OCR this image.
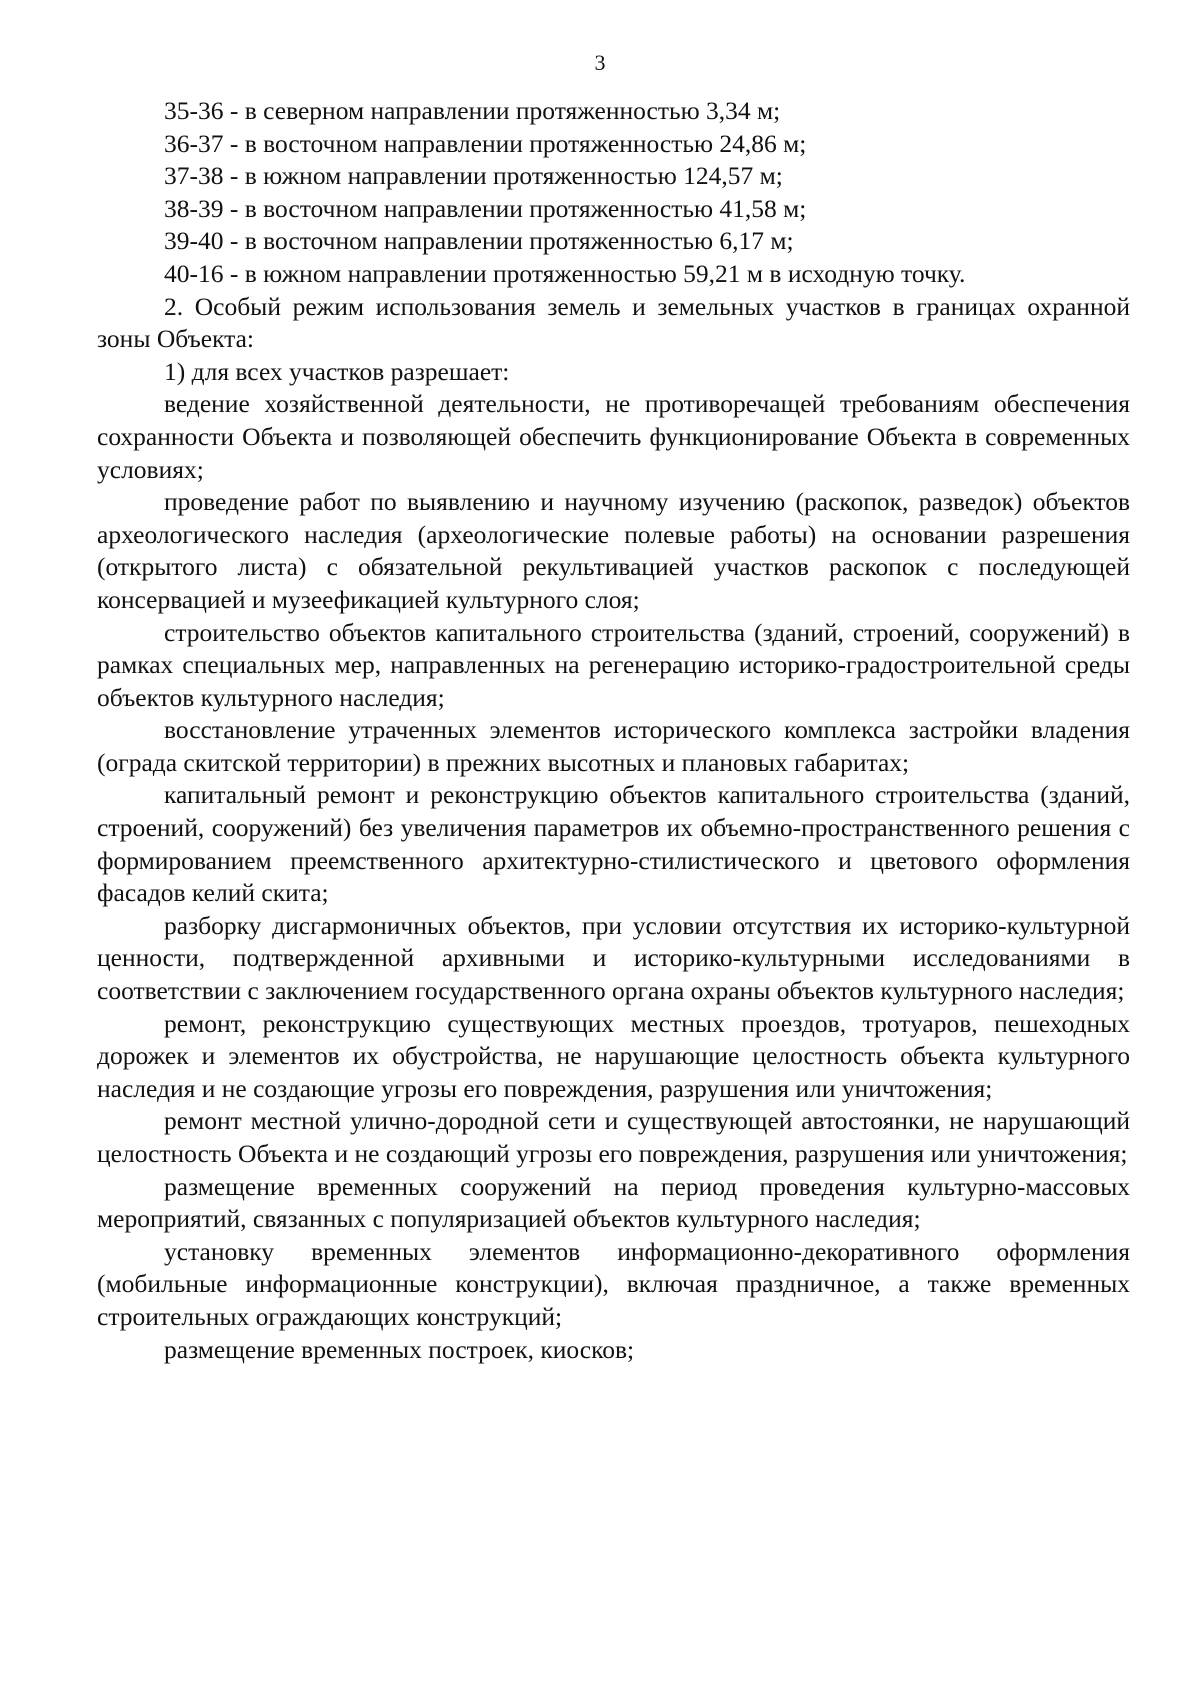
3

35-36 - в северном направлении протяженностью 3,34 м;

36-37 - в восточном направлении протяженностью 24,86 м;

37-38 - в южном направлении протяженностью 124,57 м;

38-39 - в восточном направлении протяженностью 41,58 м;

39-40 - в восточном направлении протяженностью 6,17 м;

40-16 - в южном направлении протяженностью 59,21 м в исходную точку.

2. Особый режим использования земель и земельных участков в границах охранной зоны Объекта:

1) для всех участков разрешает:

ведение хозяйственной деятельности, не противоречащей требованиям обеспечения сохранности Объекта и позволяющей обеспечить функционирование Объекта в современных условиях;

проведение работ по выявлению и научному изучению (раскопок, разведок) объектов археологического наследия (археологические полевые работы) на основании разрешения (открытого листа) с обязательной рекультивацией участков раскопок с последующей консервацией и музеефикацией культурного слоя;

строительство объектов капитального строительства (зданий, строений, сооружений) в рамках специальных мер, направленных на регенерацию историко-градостроительной среды объектов культурного наследия;

восстановление утраченных элементов исторического комплекса застройки владения (ограда скитской территории) в прежних высотных и плановых габаритах;

капитальный ремонт и реконструкцию объектов капитального строительства (зданий, строений, сооружений) без увеличения параметров их объемно-пространственного решения с формированием преемственного архитектурно-стилистического и цветового оформления фасадов келий скита;

разборку дисгармоничных объектов, при условии отсутствия их историко-культурной ценности, подтвержденной архивными и историко-культурными исследованиями в соответствии с заключением государственного органа охраны объектов культурного наследия;

ремонт, реконструкцию существующих местных проездов, тротуаров, пешеходных дорожек и элементов их обустройства, не нарушающие целостность объекта культурного наследия и не создающие угрозы его повреждения, разрушения или уничтожения;

ремонт местной улично-дородной сети и существующей автостоянки, не нарушающий целостность Объекта и не создающий угрозы его повреждения, разрушения или уничтожения;

размещение временных сооружений на период проведения культурно-массовых мероприятий, связанных с популяризацией объектов культурного наследия;

установку временных элементов информационно-декоративного оформления (мобильные информационные конструкции), включая праздничное, а также временных строительных ограждающих конструкций;

размещение временных построек, киосков;
